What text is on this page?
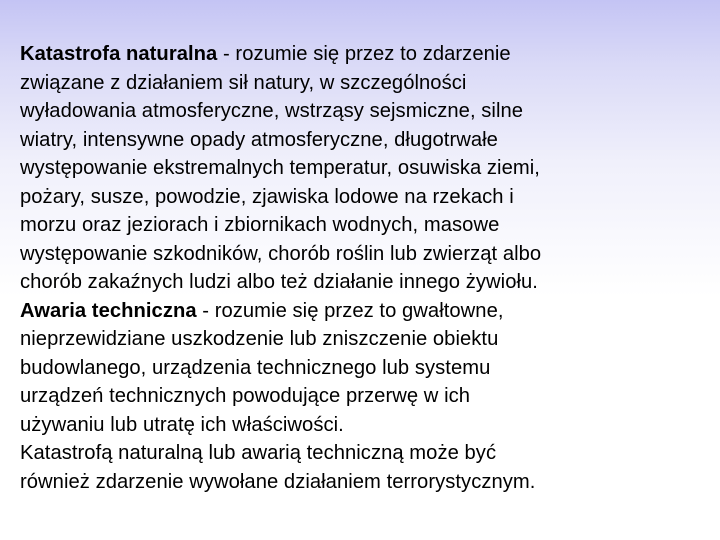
Katastrofa naturalna - rozumie się przez to zdarzenie
związane z działaniem sił natury, w szczególności
wyładowania atmosferyczne, wstrząsy sejsmiczne, silne
wiatry, intensywne opady atmosferyczne, długotrwałe
występowanie ekstremalnych temperatur, osuwiska ziemi,
pożary, susze, powodzie, zjawiska lodowe na rzekach i
morzu oraz jeziorach i zbiornikach wodnych, masowe
występowanie szkodników, chorób roślin lub zwierząt albo
chorób zakaźnych ludzi albo też działanie innego żywiołu.
Awaria techniczna - rozumie się przez to gwałtowne,
nieprzewidziane uszkodzenie lub zniszczenie obiektu
budowlanego, urządzenia technicznego lub systemu
urządzeń technicznych powodujące przerwę w ich
używaniu lub utratę ich właściwości.
Katastrofą naturalną lub awarią techniczną może być
również zdarzenie wywołane działaniem terrorystycznym.
